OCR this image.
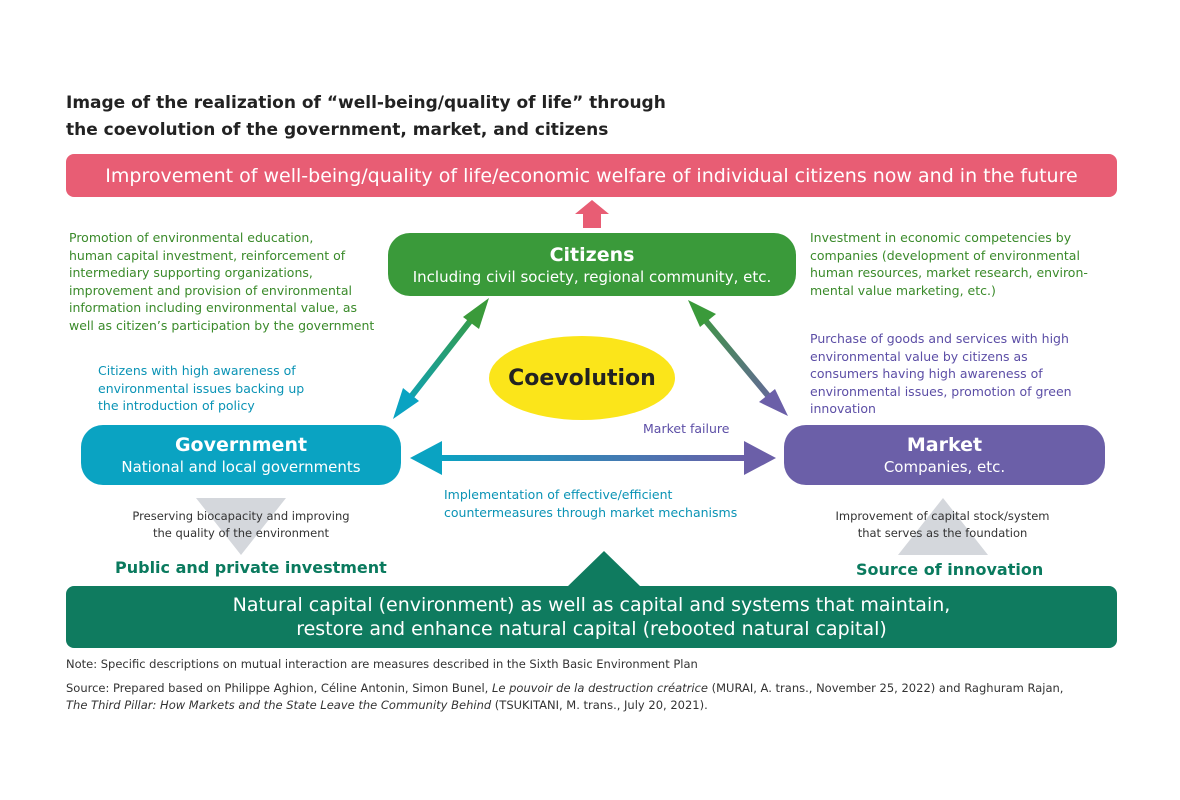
Image of the realization of “well-being/quality of life” through
the coevolution of the government, market, and citizens
Improvement of well-being/quality of life/economic welfare of individual citizens now and in the future
Citizens
Including civil society, regional community, etc.
Coevolution
Government
National and local governments
Market
Companies, etc.
Promotion of environmental education,
human capital investment, reinforcement of
intermediary supporting organizations,
improvement and provision of environmental
information including environmental value, as
well as citizen’s participation by the government
Citizens with high awareness of
environmental issues backing up
the introduction of policy
Investment in economic competencies by
companies (development of environmental
human resources, market research, environ-
mental value marketing, etc.)
Purchase of goods and services with high
environmental value by citizens as
consumers having high awareness of
environmental issues, promotion of green
innovation
Market failure
Implementation of effective/efficient
countermeasures through market mechanisms
Preserving biocapacity and improving
the quality of the environment
Improvement of capital stock/system
that serves as the foundation
Public and private investment	Source of innovation
Natural capital (environment) as well as capital and systems that maintain,
restore and enhance natural capital (rebooted natural capital)
Note: Specific descriptions on mutual interaction are measures described in the Sixth Basic Environment Plan
Source: Prepared based on Philippe Aghion, Céline Antonin, Simon Bunel, Le pouvoir de la destruction créatrice (MURAI, A. trans., November 25, 2022) and Raghuram Rajan,
The Third Pillar: How Markets and the State Leave the Community Behind (TSUKITANI, M. trans., July 20, 2021).
